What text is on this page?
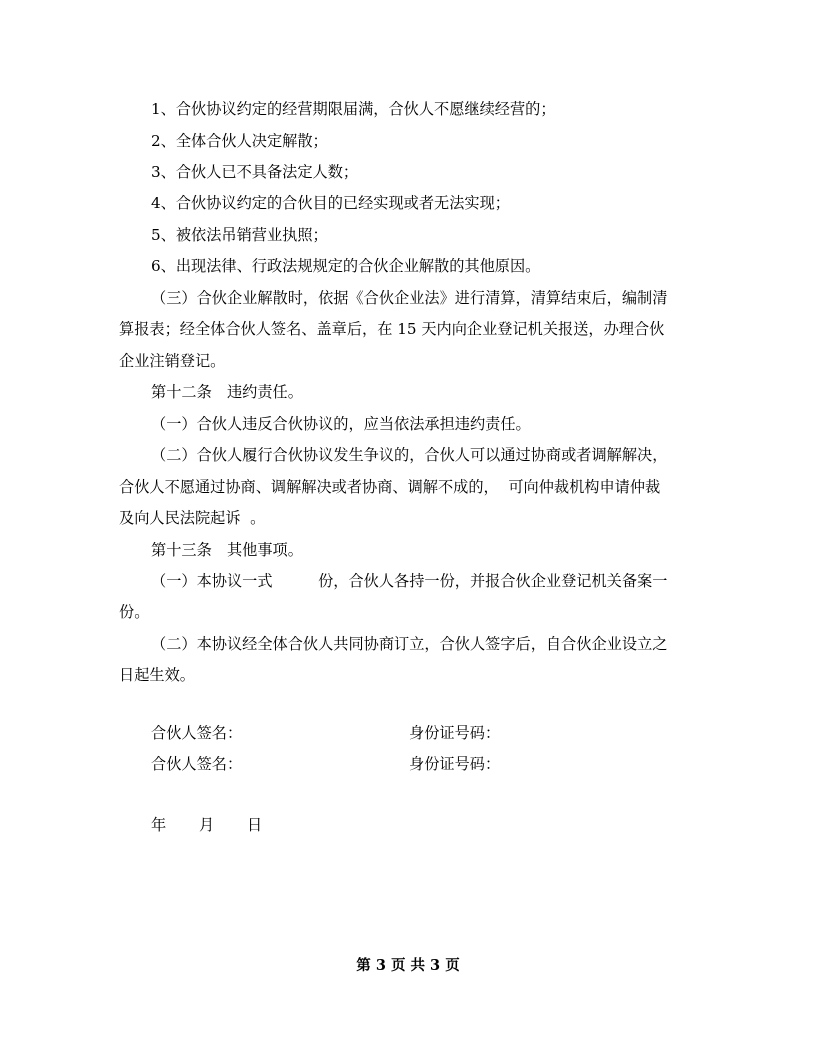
1、合伙协议约定的经营期限届满，合伙人不愿继续经营的；
2、全体合伙人决定解散；
3、合伙人已不具备法定人数；
4、合伙协议约定的合伙目的已经实现或者无法实现；
5、被依法吊销营业执照；
6、出现法律、行政法规规定的合伙企业解散的其他原因。
（三）合伙企业解散时，依据《合伙企业法》进行清算，清算结束后，编制清
算报表；经全体合伙人签名、盖章后，在 15 天内向企业登记机关报送，办理合伙
企业注销登记。
第十二条　违约责任。
（一）合伙人违反合伙协议的，应当依法承担违约责任。
（二）合伙人履行合伙协议发生争议的，合伙人可以通过协商或者调解解决，
合伙人不愿通过协商、调解解决或者协商、调解不成的，  可向仲裁机构申请仲裁
及向人民法院起诉  。
第十三条　其他事项。
（一）本协议一式　　　份，合伙人各持一份，并报合伙企业登记机关备案一
份。
（二）本协议经全体合伙人共同协商订立，合伙人签字后，自合伙企业设立之
日起生效。
合伙人签名：	身份证号码：
合伙人签名：	身份证号码：
年 月 日
第 3 页 共 3 页
